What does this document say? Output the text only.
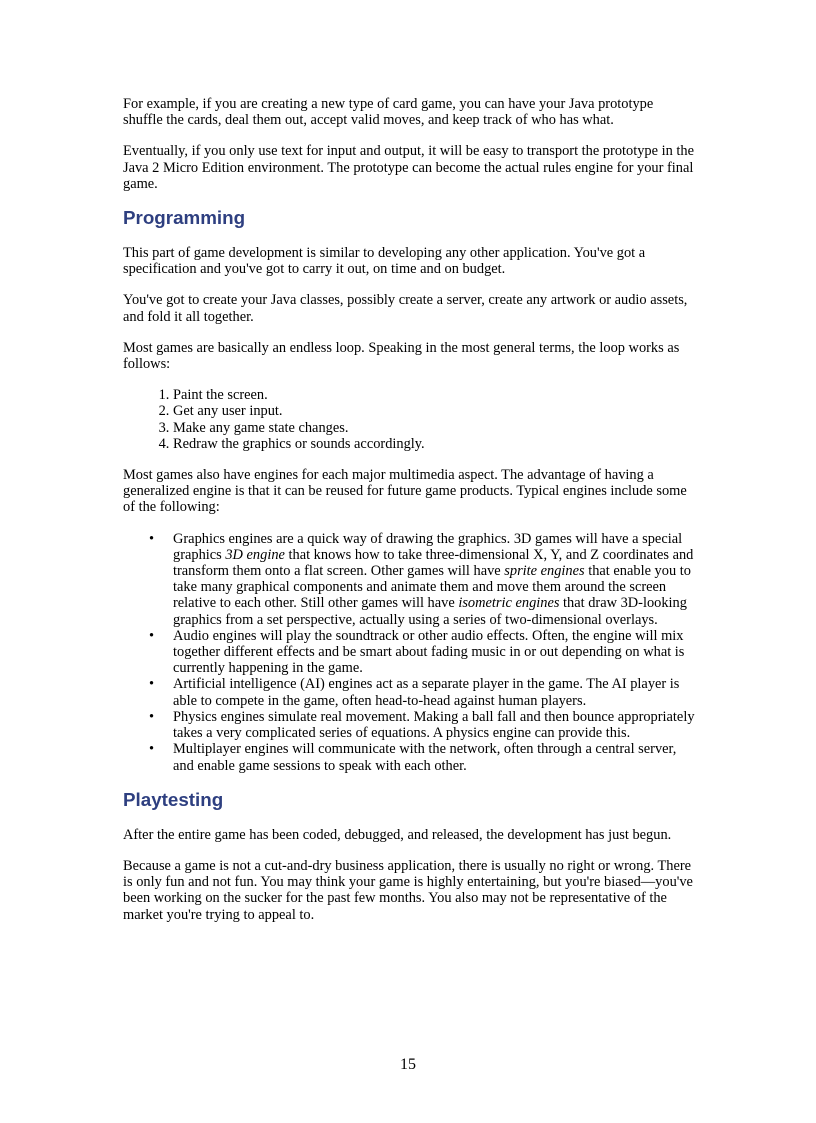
For example, if you are creating a new type of card game, you can have your Java prototype shuffle the cards, deal them out, accept valid moves, and keep track of who has what.

Eventually, if you only use text for input and output, it will be easy to transport the prototype in the Java 2 Micro Edition environment. The prototype can become the actual rules engine for your final game.

Programming

This part of game development is similar to developing any other application. You've got a specification and you've got to carry it out, on time and on budget.

You've got to create your Java classes, possibly create a server, create any artwork or audio assets, and fold it all together.

Most games are basically an endless loop. Speaking in the most general terms, the loop works as follows:

1. Paint the screen.
2. Get any user input.
3. Make any game state changes.
4. Redraw the graphics or sounds accordingly.

Most games also have engines for each major multimedia aspect. The advantage of having a generalized engine is that it can be reused for future game products. Typical engines include some of the following:

• Graphics engines are a quick way of drawing the graphics. 3D games will have a special graphics 3D engine that knows how to take three-dimensional X, Y, and Z coordinates and transform them onto a flat screen. Other games will have sprite engines that enable you to take many graphical components and animate them and move them around the screen relative to each other. Still other games will have isometric engines that draw 3D-looking graphics from a set perspective, actually using a series of two-dimensional overlays.
• Audio engines will play the soundtrack or other audio effects. Often, the engine will mix together different effects and be smart about fading music in or out depending on what is currently happening in the game.
• Artificial intelligence (AI) engines act as a separate player in the game. The AI player is able to compete in the game, often head-to-head against human players.
• Physics engines simulate real movement. Making a ball fall and then bounce appropriately takes a very complicated series of equations. A physics engine can provide this.
• Multiplayer engines will communicate with the network, often through a central server, and enable game sessions to speak with each other.
Playtesting

After the entire game has been coded, debugged, and released, the development has just begun.

Because a game is not a cut-and-dry business application, there is usually no right or wrong. There is only fun and not fun. You may think your game is highly entertaining, but you're biased—you've been working on the sucker for the past few months. You also may not be representative of the market you're trying to appeal to.

15
